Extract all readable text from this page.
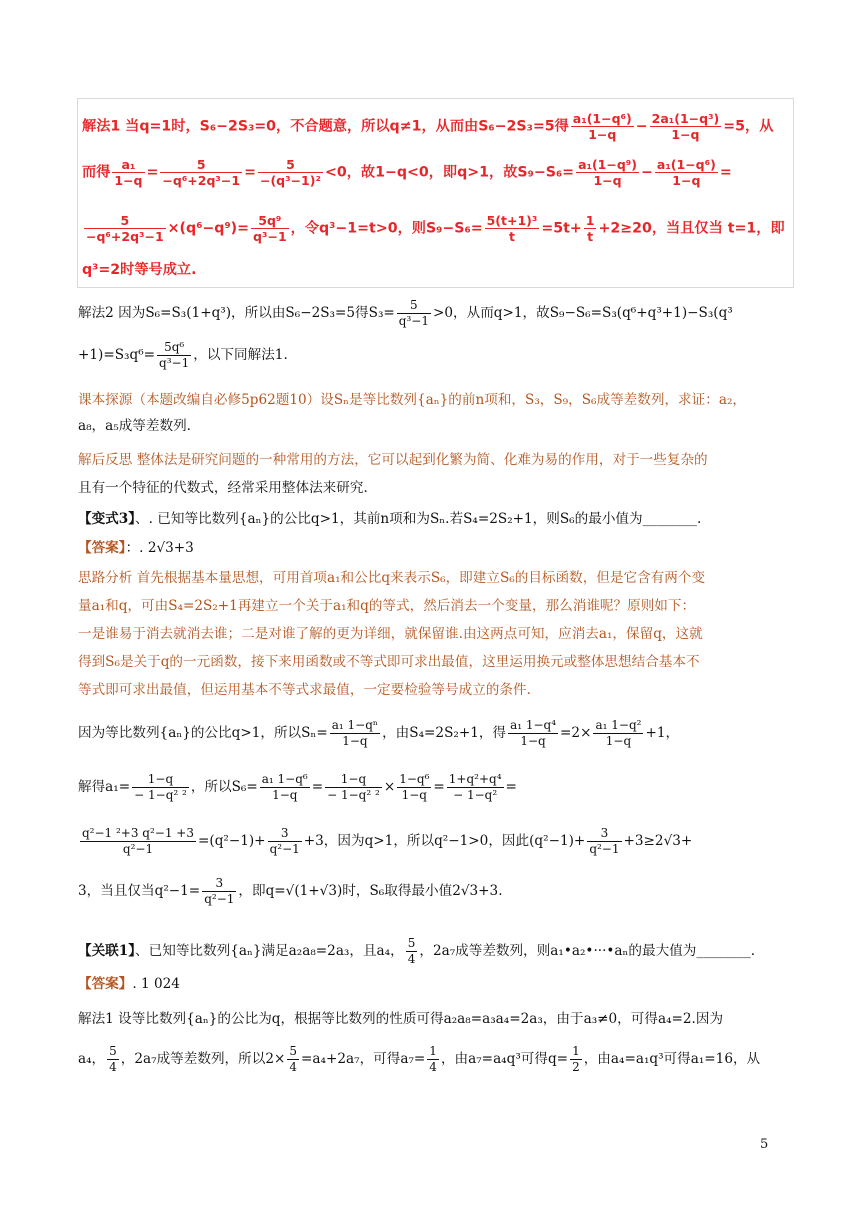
解法1 当q=1时，S₆−2S₃=0，不合题意，所以q≠1，从而由S₆−2S₃=5得 $\frac{\text{a₁(1−q⁶)}}{1-q} - \frac{\text{2a₁(1−q³)}}{1-q} =5$，从
而得 $\frac{\text{a₁}}{1-q} = \frac{5}{\text{−q⁶+2q³−1}} = \frac{5}{\text{−(q³−1)²}} <0$，故1−q<0，即q>1，故$S_9-S_6= \frac{\text{a₁(1−q⁹)}}{1-q} - \frac{\text{a₁(1−q⁶)}}{1-q}$ =
$\frac{5}{\text{−q⁶+2q³−1}} \times(q^6-q^9)= \frac{\text{5q⁹}}{\text{q³−1}}$ ，令q³−1=t>0，则$S_9-S_6= \frac{\text{5(t+1)³}}{t} =5t+ \frac{1}{t} +2\ge 20$，当且仅当 t=1，即
q³=2时等号成立.
解法2 因为S₆=S₃(1+q³)，所以由S₆−2S₃=5得$S_3= \frac{5}{\text{q³−1}} >0$，从而q>1，故S₉−S₆=S₃(q⁶+q³+1)−S₃(q³
$+1)=S_3q^6= \frac{\text{5q⁶}}{\text{q³−1}}$ ，以下同解法1.
课本探源（本题改编自必修5p62题10）设Sₙ是等比数列{aₙ}的前n项和，S₃，S₉，S₆成等差数列，求证：a₂，
a₈，a₅成等差数列.
解后反思 整体法是研究问题的一种常用的方法，它可以起到化繁为简、化难为易的作用，对于一些复杂的
且有一个特征的代数式，经常采用整体法来研究.
【变式3】、. 已知等比数列{aₙ}的公比q>1，其前n项和为Sₙ.若S₄=2S₂+1，则S₆的最小值为________.
【答案】：. 2√3+3
思路分析 首先根据基本量思想，可用首项a₁和公比q来表示S₆，即建立S₆的目标函数，但是它含有两个变
量a₁和q，可由S₄=2S₂+1再建立一个关于a₁和q的等式，然后消去一个变量，那么消谁呢？原则如下：
一是谁易于消去就消去谁；二是对谁了解的更为详细，就保留谁.由这两点可知，应消去a₁，保留q，这就
得到S₆是关于q的一元函数，接下来用函数或不等式即可求出最值，这里运用换元或整体思想结合基本不
等式即可求出最值，但运用基本不等式求最值，一定要检验等号成立的条件.
因为等比数列{aₙ}的公比q>1，所以$S_n= \frac{\text{a₁ 1−qⁿ}}{1-q}$ ，由S₄=2S₂+1，得 $\frac{\text{a₁ 1−q⁴}}{1-q} =2\times \frac{\text{a₁ 1−q²}}{1-q} +1$，
解得$a_1= \frac{1-q}{\text{− 1−q² ²}}$ ，所以$S_6= \frac{\text{a₁ 1−q⁶}}{1-q} = \frac{1-q}{\text{− 1−q² ²}} \times \frac{\text{1−q⁶}}{1-q} = \frac{\text{1+q²+q⁴}}{\text{− 1−q²}}$ =
$\frac{\text{q²−1 ²+3 q²−1 +3}}{\text{q²−1}} =(q^2-1)+ \frac{3}{\text{q²−1}} +3$，因为q>1，所以q²−1>0，因此$(q^2-1)+ \frac{3}{\text{q²−1}} +3\ge 2√3+$
3，当且仅当$q^2-1= \frac{3}{\text{q²−1}}$ ，即q=√(1+√3)时，S₆取得最小值2√3+3.
【关联1】、已知等比数列{aₙ}满足a₂a₈=2a₃，且a₄， $\frac{5}{4}$ ，2a₇成等差数列，则a₁•a₂•···•aₙ的最大值为________.
【答案】. 1 024
解法1 设等比数列{aₙ}的公比为q，根据等比数列的性质可得a₂a₈=a₃a₄=2a₃，由于a₃≠0，可得a₄=2.因为
a₄， $\frac{5}{4}$ ，2a₇成等差数列，所以$2\times \frac{5}{4} =a_4+2a_7$，可得$a_7= \frac{1}{4}$ ，由a₇=a₄q³可得$q= \frac{1}{2}$ ，由a₄=a₁q³可得a₁=16，从
5
